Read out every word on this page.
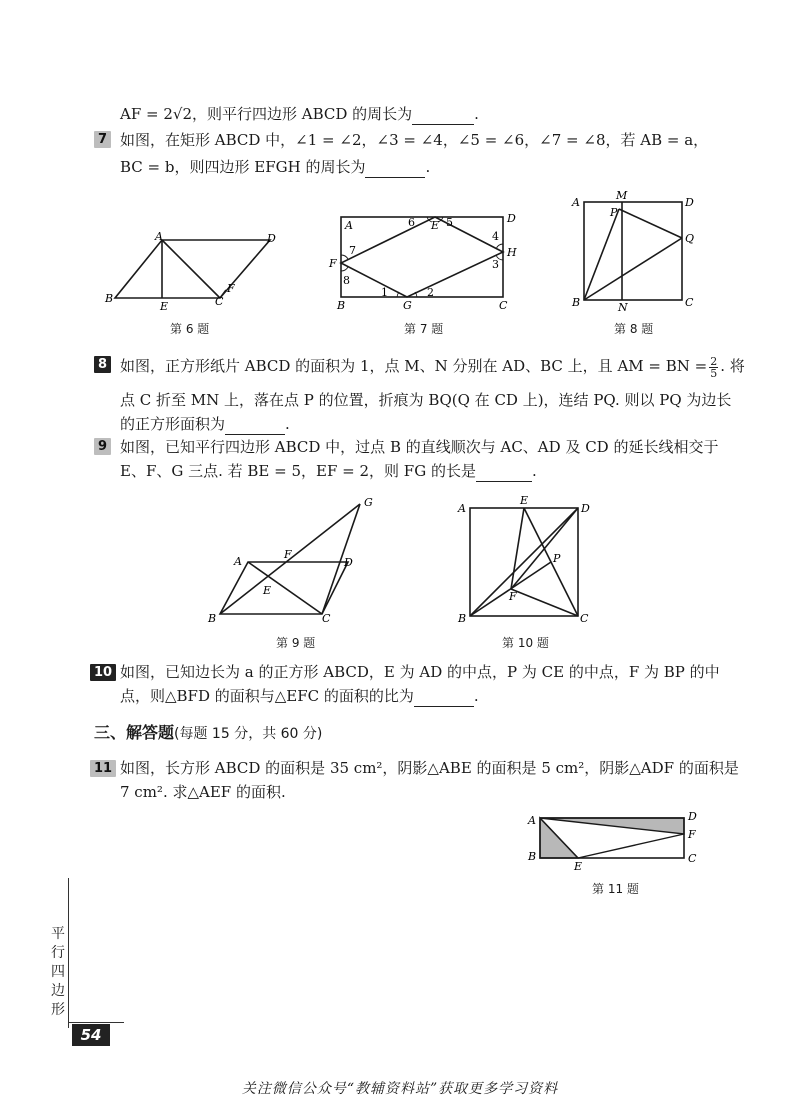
AF = 2√2，则平行四边形 ABCD 的周长为	.
7 如图，在矩形 ABCD 中，∠1 = ∠2，∠3 = ∠4，∠5 = ∠6，∠7 = ∠8，若 AB = a，
BC = b，则四边形 EFGH 的周长为	.
A	D
B
E	C
F
第 6 题
A
D
B	C
E
F
G
H
1	2
3
4
5
6
7
8
第 7 题
A
M
D
P
Q
B	N	C
第 8 题
8 如图，正方形纸片 ABCD 的面积为 1，点 M、N 分别在 AD、BC 上，且 AM = BN = $\frac{2}{5}$ . 将
点 C 折至 MN 上，落在点 P 的位置，折痕为 BQ(Q 在 CD 上)，连结 PQ. 则以 PQ 为边长
的正方形面积为	.
9 如图，已知平行四边形 ABCD 中，过点 B 的直线顺次与 AC、AD 及 CD 的延长线相交于
E、F、G 三点. 若 BE = 5，EF = 2，则 FG 的长是	.
A
F
D
G
E
B	C
第 9 题
A
E
D
P
F
B	C
第 10 题
10 如图，已知边长为 a 的正方形 ABCD，E 为 AD 的中点，P 为 CE 的中点，F 为 BP 的中
点，则△BFD 的面积与△EFC 的面积的比为	.
三、解答题(每题 15 分，共 60 分)
11 如图，长方形 ABCD 的面积是 35 cm²，阴影△ABE 的面积是 5 cm²，阴影△ADF 的面积是
7 cm². 求△AEF 的面积.
A	D
F
B
E
C
第 11 题
平
行
四
边
形
54
关注微信公众号“教辅资料站”获取更多学习资料
